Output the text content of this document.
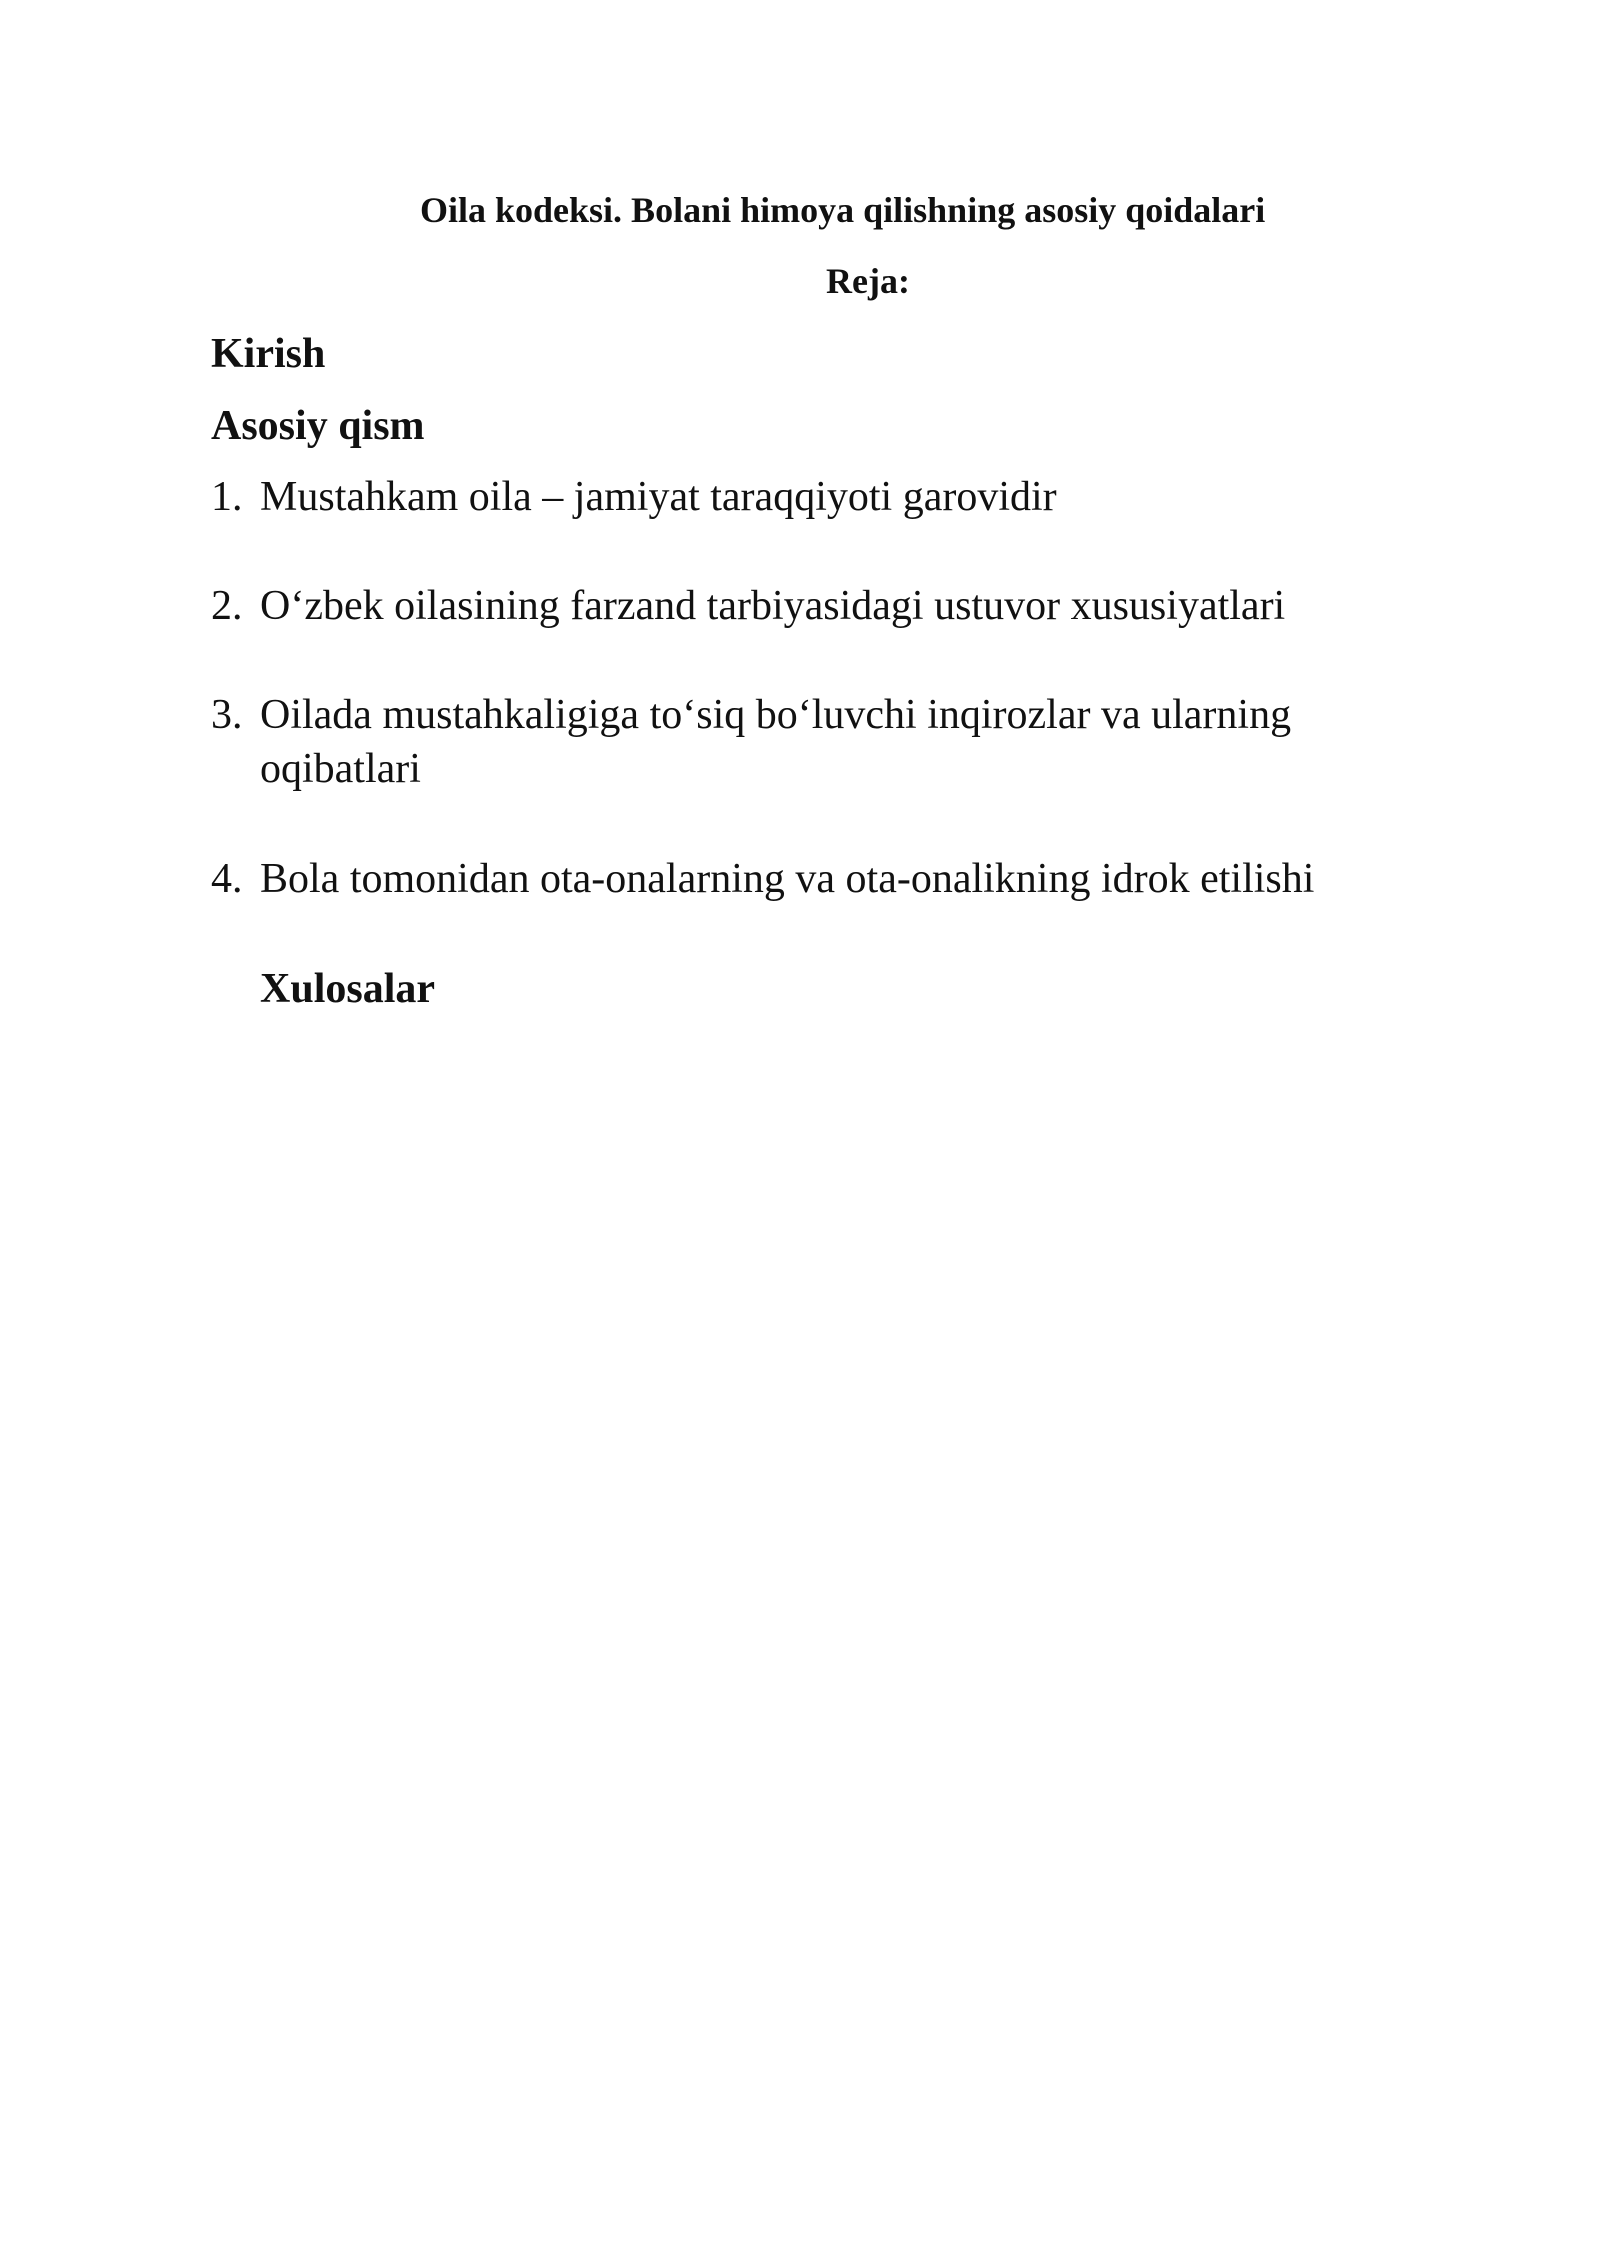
Oila kodeksi. Bolani himoya qilishning asosiy qoidalari
Reja:
Kirish
Asosiy qism
1. Mustahkam oila – jamiyat taraqqiyoti garovidir
2. O‘zbek oilasining farzand tarbiyasidagi ustuvor xususiyatlari
3. Oilada mustahkaligiga to‘siq bo‘luvchi inqirozlar va ularning
oqibatlari
4. Bola tomonidan ota-onalarning va ota-onalikning idrok etilishi
Xulosalar
